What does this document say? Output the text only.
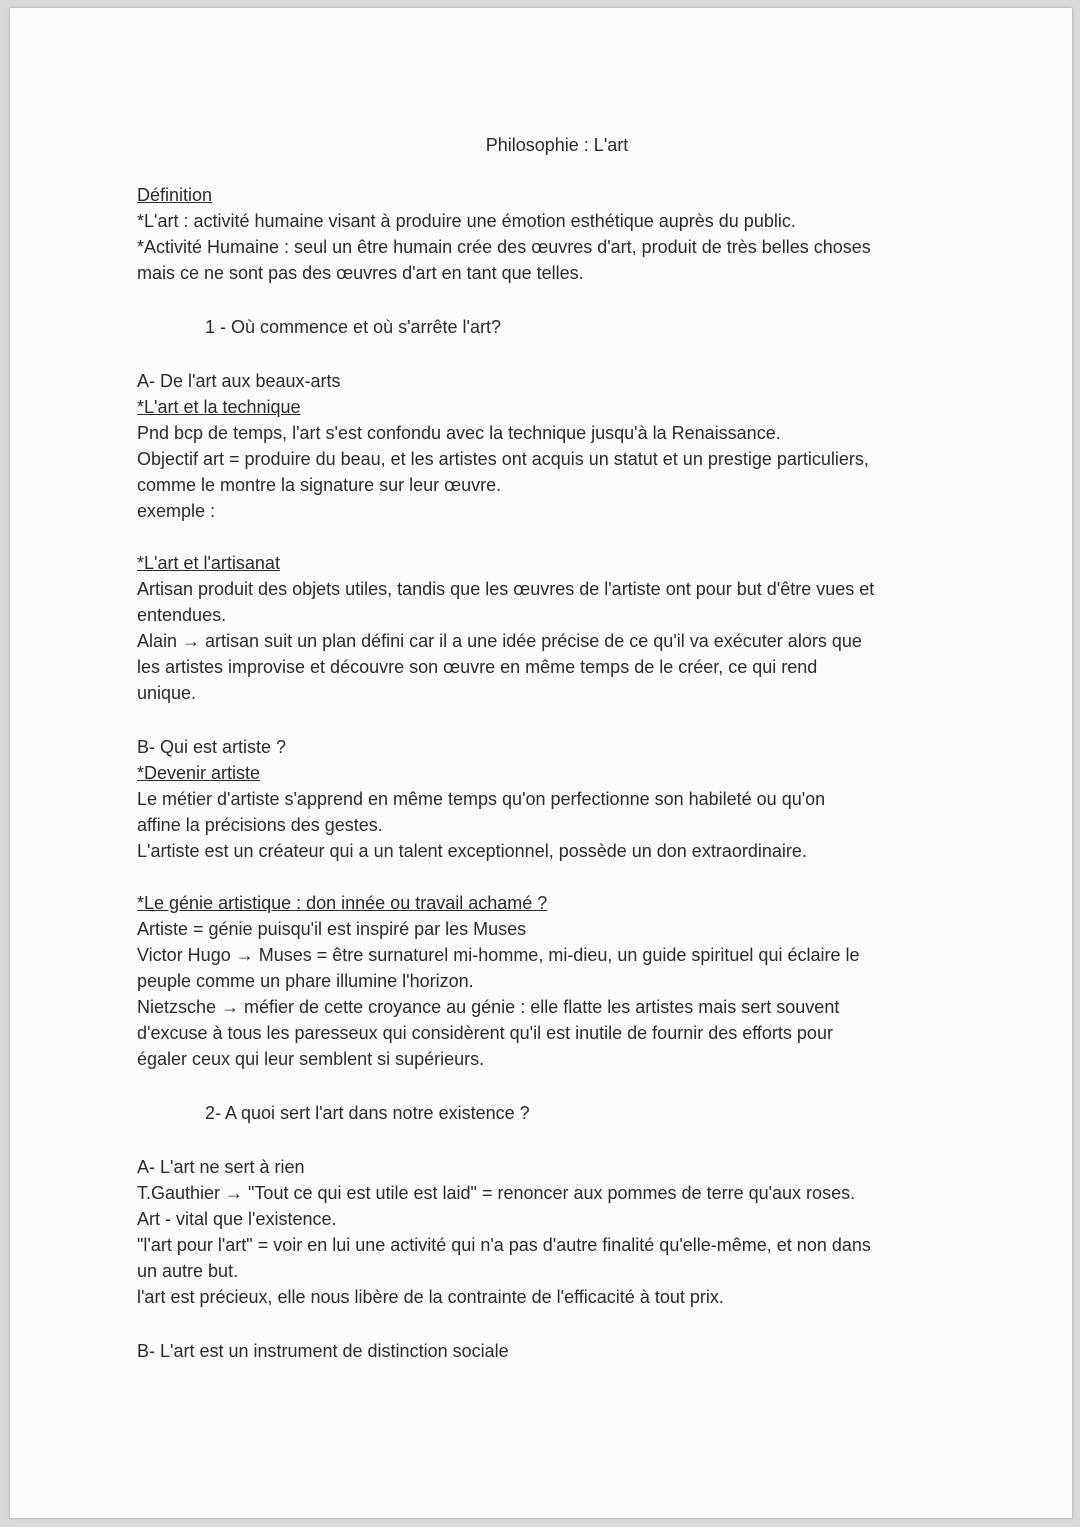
Philosophie : L'art

Définition

*L'art : activité humaine visant à produire une émotion esthétique auprès du public.

*Activité Humaine : seul un être humain crée des œuvres d'art, produit de très belles choses

mais ce ne sont pas des œuvres d'art en tant que telles.

1 - Où commence et où s'arrête l'art?

A- De l'art aux beaux-arts

*L'art et la technique

Pnd bcp de temps, l'art s'est confondu avec la technique jusqu'à la Renaissance.

Objectif art = produire du beau, et les artistes ont acquis un statut et un prestige particuliers,

comme le montre la signature sur leur œuvre.

exemple :

*L'art et l'artisanat

Artisan produit des objets utiles, tandis que les œuvres de l'artiste ont pour but d'être vues et

entendues.

Alain → artisan suit un plan défini car il a une idée précise de ce qu'il va exécuter alors que

les artistes improvise et découvre son œuvre en même temps de le créer, ce qui rend

unique.

B- Qui est artiste ?

*Devenir artiste

Le métier d'artiste s'apprend en même temps qu'on perfectionne son habileté ou qu'on

affine la précisions des gestes.

L'artiste est un créateur qui a un talent exceptionnel, possède un don extraordinaire.

*Le génie artistique : don innée ou travail achamé ?

Artiste = génie puisqu'il est inspiré par les Muses

Victor Hugo → Muses = être surnaturel mi-homme, mi-dieu, un guide spirituel qui éclaire le

peuple comme un phare illumine l'horizon.

Nietzsche → méfier de cette croyance au génie : elle flatte les artistes mais sert souvent

d'excuse à tous les paresseux qui considèrent qu'il est inutile de fournir des efforts pour

égaler ceux qui leur semblent si supérieurs.

2- A quoi sert l'art dans notre existence ?

A- L'art ne sert à rien

T.Gauthier → "Tout ce qui est utile est laid" = renoncer aux pommes de terre qu'aux roses.

Art - vital que l'existence.

"l'art pour l'art" = voir en lui une activité qui n'a pas d'autre finalité qu'elle-même, et non dans

un autre but.

l'art est précieux, elle nous libère de la contrainte de l'efficacité à tout prix.

B- L'art est un instrument de distinction sociale
